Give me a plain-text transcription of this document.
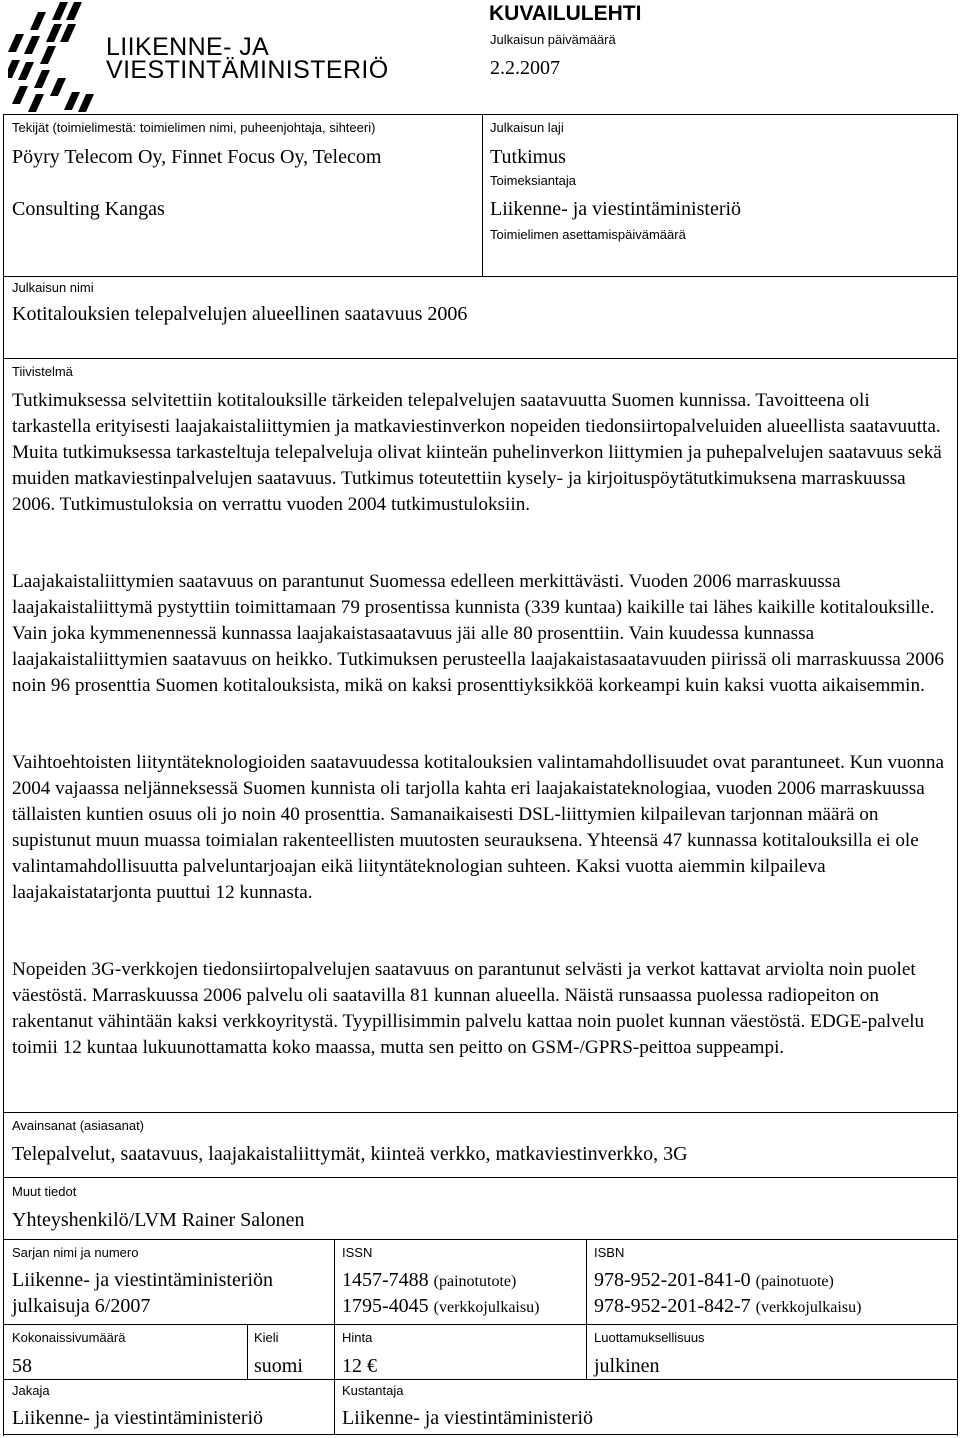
LIIKENNE- JA
VIESTINTÄMINISTERIÖ
KUVAILULEHTI
Julkaisun päivämäärä
2.2.2007
Tekijät (toimielimestä: toimielimen nimi, puheenjohtaja, sihteeri)
Pöyry Telecom Oy, Finnet Focus Oy, Telecom
Consulting Kangas
Julkaisun laji
Tutkimus
Toimeksiantaja
Liikenne- ja viestintäministeriö
Toimielimen asettamispäivämäärä
Julkaisun nimi
Kotitalouksien telepalvelujen alueellinen saatavuus 2006
Tiivistelmä

Tutkimuksessa selvitettiin kotitalouksille tärkeiden telepalvelujen saatavuutta Suomen kunnissa. Tavoitteena oli tarkastella erityisesti laajakaistaliittymien ja matkaviestinverkon nopeiden tiedonsiirtopalveluiden alueellista saatavuutta. Muita tutkimuksessa tarkasteltuja telepalveluja olivat kiinteän puhelinverkon liittymien ja puhepalvelujen saatavuus sekä muiden matkaviestinpalvelujen saatavuus. Tutkimus toteutettiin kysely- ja kirjoituspöytätutkimuksena marraskuussa 2006. Tutkimustuloksia on verrattu vuoden 2004 tutkimustuloksiin.

Laajakaistaliittymien saatavuus on parantunut Suomessa edelleen merkittävästi. Vuoden 2006 marraskuussa laajakaistaliittymä pystyttiin toimittamaan 79 prosentissa kunnista (339 kuntaa) kaikille tai lähes kaikille kotitalouksille. Vain joka kymmenennessä kunnassa laajakaistasaatavuus jäi alle 80 prosenttiin. Vain kuudessa kunnassa laajakaistaliittymien saatavuus on heikko. Tutkimuksen perusteella laajakaistasaatavuuden piirissä oli marraskuussa 2006 noin 96 prosenttia Suomen kotitalouksista, mikä on kaksi prosenttiyksikköä korkeampi kuin kaksi vuotta aikaisemmin.

Vaihtoehtoisten liityntäteknologioiden saatavuudessa kotitalouksien valintamahdollisuudet ovat parantuneet. Kun vuonna 2004 vajaassa neljänneksessä Suomen kunnista oli tarjolla kahta eri laajakaistateknologiaa, vuoden 2006 marraskuussa tällaisten kuntien osuus oli jo noin 40 prosenttia. Samanaikaisesti DSL-liittymien kilpailevan tarjonnan määrä on supistunut muun muassa toimialan rakenteellisten muutosten seurauksena. Yhteensä 47 kunnassa kotitalouksilla ei ole valintamahdollisuutta palveluntarjoajan eikä liityntäteknologian suhteen. Kaksi vuotta aiemmin kilpaileva laajakaistatarjonta puuttui 12 kunnasta.

Nopeiden 3G-verkkojen tiedonsiirtopalvelujen saatavuus on parantunut selvästi ja verkot kattavat arviolta noin puolet väestöstä. Marraskuussa 2006 palvelu oli saatavilla 81 kunnan alueella. Näistä runsaassa puolessa radiopeiton on rakentanut vähintään kaksi verkkoyritystä. Tyypillisimmin palvelu kattaa noin puolet kunnan väestöstä. EDGE-palvelu toimii 12 kuntaa lukuunottamatta koko maassa, mutta sen peitto on GSM-/GPRS-peittoa suppeampi.

Avainsanat (asiasanat)
Telepalvelut, saatavuus, laajakaistaliittymät, kiinteä verkko, matkaviestinverkko, 3G
Muut tiedot
Yhteyshenkilö/LVM Rainer Salonen
Sarjan nimi ja numero
Liikenne- ja viestintäministeriön
julkaisuja 6/2007
ISSN
1457-7488 (painotutote)
1795-4045 (verkkojulkaisu)
ISBN
978-952-201-841-0 (painotuote)
978-952-201-842-7 (verkkojulkaisu)
Kokonaissivumäärä
58
Kieli
suomi
Hinta
12 €
Luottamuksellisuus
julkinen
Jakaja
Liikenne- ja viestintäministeriö
Kustantaja
Liikenne- ja viestintäministeriö
